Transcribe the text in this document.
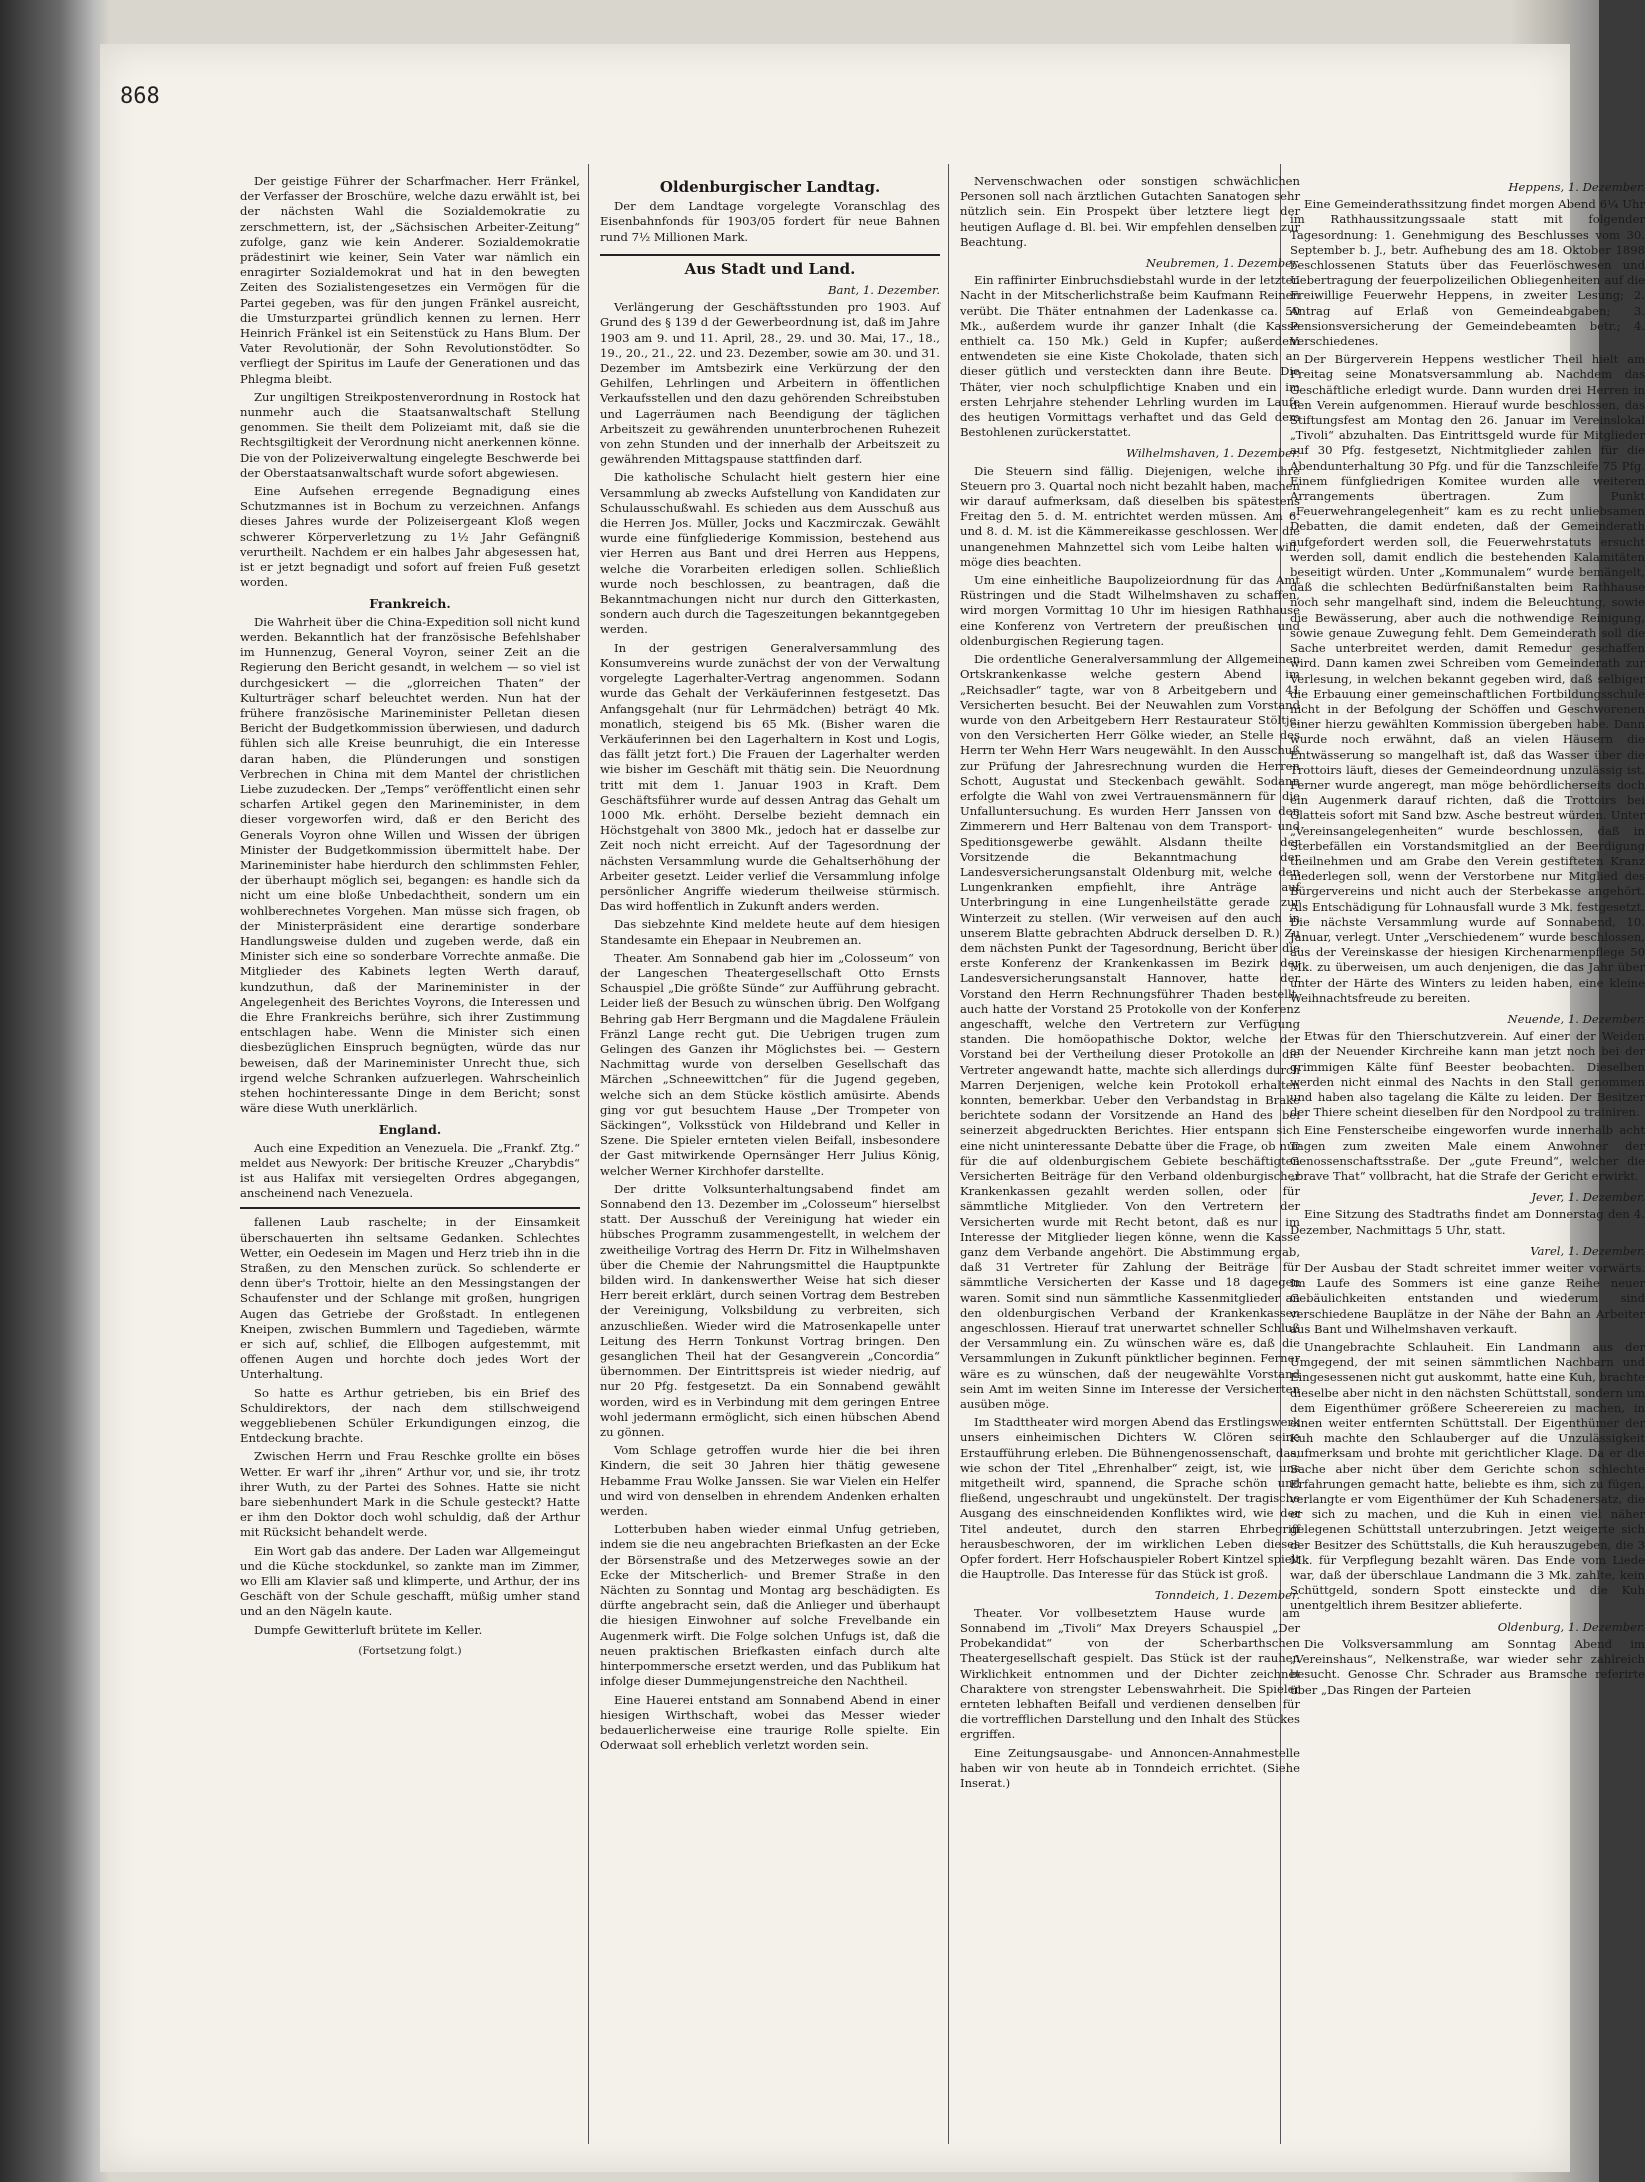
868

Der geistige Führer der Scharfmacher. Herr Fränkel, der Verfasser der Broschüre, welche dazu erwählt ist, bei der nächsten Wahl die Sozialdemokratie zu zerschmettern, ist, der „Sächsischen Arbeiter-Zeitung“ zufolge, ganz wie kein Anderer. Sozialdemokratie prädestinirt wie keiner, Sein Vater war nämlich ein enragirter Sozialdemokrat und hat in den bewegten Zeiten des Sozialistengesetzes ein Vermögen für die Partei gegeben, was für den jungen Fränkel ausreicht, die Umsturzpartei gründlich kennen zu lernen. Herr Heinrich Fränkel ist ein Seitenstück zu Hans Blum. Der Vater Revolutionär, der Sohn Revolutionstödter. So verfliegt der Spiritus im Laufe der Generationen und das Phlegma bleibt.

Zur ungiltigen Streikpostenverordnung in Rostock hat nunmehr auch die Staatsanwaltschaft Stellung genommen. Sie theilt dem Polizeiamt mit, daß sie die Rechtsgiltigkeit der Verordnung nicht anerkennen könne. Die von der Polizeiverwaltung eingelegte Beschwerde bei der Oberstaatsanwaltschaft wurde sofort abgewiesen.

Eine Aufsehen erregende Begnadigung eines Schutzmannes ist in Bochum zu verzeichnen. Anfangs dieses Jahres wurde der Polizeisergeant Kloß wegen schwerer Körperverletzung zu 1½ Jahr Gefängniß verurtheilt. Nachdem er ein halbes Jahr abgesessen hat, ist er jetzt begnadigt und sofort auf freien Fuß gesetzt worden.

Frankreich.

Die Wahrheit über die China-Expedition soll nicht kund werden. Bekanntlich hat der französische Befehlshaber im Hunnenzug, General Voyron, seiner Zeit an die Regierung den Bericht gesandt, in welchem — so viel ist durchgesickert — die „glorreichen Thaten“ der Kulturträger scharf beleuchtet werden. Nun hat der frühere französische Marineminister Pelletan diesen Bericht der Budgetkommission überwiesen, und dadurch fühlen sich alle Kreise beunruhigt, die ein Interesse daran haben, die Plünderungen und sonstigen Verbrechen in China mit dem Mantel der christlichen Liebe zuzudecken. Der „Temps“ veröffentlicht einen sehr scharfen Artikel gegen den Marineminister, in dem dieser vorgeworfen wird, daß er den Bericht des Generals Voyron ohne Willen und Wissen der übrigen Minister der Budgetkommission übermittelt habe. Der Marineminister habe hierdurch den schlimmsten Fehler, der überhaupt möglich sei, begangen: es handle sich da nicht um eine bloße Unbedachtheit, sondern um ein wohlberechnetes Vorgehen. Man müsse sich fragen, ob der Ministerpräsident eine derartige sonderbare Handlungsweise dulden und zugeben werde, daß ein Minister sich eine so sonderbare Vorrechte anmaße. Die Mitglieder des Kabinets legten Werth darauf, kundzuthun, daß der Marineminister in der Angelegenheit des Berichtes Voyrons, die Interessen und die Ehre Frankreichs berühre, sich ihrer Zustimmung entschlagen habe. Wenn die Minister sich einen diesbezüglichen Einspruch begnügten, würde das nur beweisen, daß der Marineminister Unrecht thue, sich irgend welche Schranken aufzuerlegen. Wahrscheinlich stehen hochinteressante Dinge in dem Bericht; sonst wäre diese Wuth unerklärlich.

England.

Auch eine Expedition an Venezuela. Die „Frankf. Ztg.“ meldet aus Newyork: Der britische Kreuzer „Charybdis“ ist aus Halifax mit versiegelten Ordres abgegangen, anscheinend nach Venezuela.

fallenen Laub raschelte; in der Einsamkeit überschauerten ihn seltsame Gedanken. Schlechtes Wetter, ein Oedesein im Magen und Herz trieb ihn in die Straßen, zu den Menschen zurück. So schlenderte er denn über's Trottoir, hielte an den Messingstangen der Schaufenster und der Schlange mit großen, hungrigen Augen das Getriebe der Großstadt. In entlegenen Kneipen, zwischen Bummlern und Tagedieben, wärmte er sich auf, schlief, die Ellbogen aufgestemmt, mit offenen Augen und horchte doch jedes Wort der Unterhaltung.

So hatte es Arthur getrieben, bis ein Brief des Schuldirektors, der nach dem stillschweigend weggebliebenen Schüler Erkundigungen einzog, die Entdeckung brachte.

Zwischen Herrn und Frau Reschke grollte ein böses Wetter. Er warf ihr „ihren“ Arthur vor, und sie, ihr trotz ihrer Wuth, zu der Partei des Sohnes. Hatte sie nicht bare siebenhundert Mark in die Schule gesteckt? Hatte er ihm den Doktor doch wohl schuldig, daß der Arthur mit Rücksicht behandelt werde.

Ein Wort gab das andere. Der Laden war Allgemeingut und die Küche stockdunkel, so zankte man im Zimmer, wo Elli am Klavier saß und klimperte, und Arthur, der ins Geschäft von der Schule geschafft, müßig umher stand und an den Nägeln kaute.

Dumpfe Gewitterluft brütete im Keller.

(Fortsetzung folgt.)
Oldenburgischer Landtag.

Der dem Landtage vorgelegte Voranschlag des Eisenbahnfonds für 1903/05 fordert für neue Bahnen rund 7½ Millionen Mark.

Aus Stadt und Land.
Bant, 1. Dezember.

Verlängerung der Geschäftsstunden pro 1903. Auf Grund des § 139 d der Gewerbeordnung ist, daß im Jahre 1903 am 9. und 11. April, 28., 29. und 30. Mai, 17., 18., 19., 20., 21., 22. und 23. Dezember, sowie am 30. und 31. Dezember im Amtsbezirk eine Verkürzung der den Gehilfen, Lehrlingen und Arbeitern in öffentlichen Verkaufsstellen und den dazu gehörenden Schreibstuben und Lagerräumen nach Beendigung der täglichen Arbeitszeit zu gewährenden ununterbrochenen Ruhezeit von zehn Stunden und der innerhalb der Arbeitszeit zu gewährenden Mittagspause stattfinden darf.

Die katholische Schulacht hielt gestern hier eine Versammlung ab zwecks Aufstellung von Kandidaten zur Schulausschußwahl. Es schieden aus dem Ausschuß aus die Herren Jos. Müller, Jocks und Kaczmirczak. Gewählt wurde eine fünfgliederige Kommission, bestehend aus vier Herren aus Bant und drei Herren aus Heppens, welche die Vorarbeiten erledigen sollen. Schließlich wurde noch beschlossen, zu beantragen, daß die Bekanntmachungen nicht nur durch den Gitterkasten, sondern auch durch die Tageszeitungen bekanntgegeben werden.

In der gestrigen Generalversammlung des Konsumvereins wurde zunächst der von der Verwaltung vorgelegte Lagerhalter-Vertrag angenommen. Sodann wurde das Gehalt der Verkäuferinnen festgesetzt. Das Anfangsgehalt (nur für Lehrmädchen) beträgt 40 Mk. monatlich, steigend bis 65 Mk. (Bisher waren die Verkäuferinnen bei den Lagerhaltern in Kost und Logis, das fällt jetzt fort.) Die Frauen der Lagerhalter werden wie bisher im Geschäft mit thätig sein. Die Neuordnung tritt mit dem 1. Januar 1903 in Kraft. Dem Geschäftsführer wurde auf dessen Antrag das Gehalt um 1000 Mk. erhöht. Derselbe bezieht demnach ein Höchstgehalt von 3800 Mk., jedoch hat er dasselbe zur Zeit noch nicht erreicht. Auf der Tagesordnung der nächsten Versammlung wurde die Gehaltserhöhung der Arbeiter gesetzt. Leider verlief die Versammlung infolge persönlicher Angriffe wiederum theilweise stürmisch. Das wird hoffentlich in Zukunft anders werden.

Das siebzehnte Kind meldete heute auf dem hiesigen Standesamte ein Ehepaar in Neubremen an.

Theater. Am Sonnabend gab hier im „Colosseum“ von der Langeschen Theatergesellschaft Otto Ernsts Schauspiel „Die größte Sünde“ zur Aufführung gebracht. Leider ließ der Besuch zu wünschen übrig. Den Wolfgang Behring gab Herr Bergmann und die Magdalene Fräulein Fränzl Lange recht gut. Die Uebrigen trugen zum Gelingen des Ganzen ihr Möglichstes bei. — Gestern Nachmittag wurde von derselben Gesellschaft das Märchen „Schneewittchen“ für die Jugend gegeben, welche sich an dem Stücke köstlich amüsirte. Abends ging vor gut besuchtem Hause „Der Trompeter von Säckingen“, Volksstück von Hildebrand und Keller in Szene. Die Spieler ernteten vielen Beifall, insbesondere der Gast mitwirkende Opernsänger Herr Julius König, welcher Werner Kirchhofer darstellte.

Der dritte Volksunterhaltungsabend findet am Sonnabend den 13. Dezember im „Colosseum“ hierselbst statt. Der Ausschuß der Vereinigung hat wieder ein hübsches Programm zusammengestellt, in welchem der zweitheilige Vortrag des Herrn Dr. Fitz in Wilhelmshaven über die Chemie der Nahrungsmittel die Hauptpunkte bilden wird. In dankenswerther Weise hat sich dieser Herr bereit erklärt, durch seinen Vortrag dem Bestreben der Vereinigung, Volksbildung zu verbreiten, sich anzuschließen. Wieder wird die Matrosenkapelle unter Leitung des Herrn Tonkunst Vortrag bringen. Den gesanglichen Theil hat der Gesangverein „Concordia“ übernommen. Der Eintrittspreis ist wieder niedrig, auf nur 20 Pfg. festgesetzt. Da ein Sonnabend gewählt worden, wird es in Verbindung mit dem geringen Entree wohl jedermann ermöglicht, sich einen hübschen Abend zu gönnen.

Vom Schlage getroffen wurde hier die bei ihren Kindern, die seit 30 Jahren hier thätig gewesene Hebamme Frau Wolke Janssen. Sie war Vielen ein Helfer und wird von denselben in ehrendem Andenken erhalten werden.

Lotterbuben haben wieder einmal Unfug getrieben, indem sie die neu angebrachten Briefkasten an der Ecke der Börsenstraße und des Metzerweges sowie an der Ecke der Mitscherlich- und Bremer Straße in den Nächten zu Sonntag und Montag arg beschädigten. Es dürfte angebracht sein, daß die Anlieger und überhaupt die hiesigen Einwohner auf solche Frevelbande ein Augenmerk wirft. Die Folge solchen Unfugs ist, daß die neuen praktischen Briefkasten einfach durch alte hinterpommersche ersetzt werden, und das Publikum hat infolge dieser Dummejungenstreiche den Nachtheil.

Eine Hauerei entstand am Sonnabend Abend in einer hiesigen Wirthschaft, wobei das Messer wieder bedauerlicherweise eine traurige Rolle spielte. Ein Oderwaat soll erheblich verletzt worden sein.

Nervenschwachen oder sonstigen schwächlichen Personen soll nach ärztlichen Gutachten Sanatogen sehr nützlich sein. Ein Prospekt über letztere liegt der heutigen Auflage d. Bl. bei. Wir empfehlen denselben zur Beachtung.

Neubremen, 1. Dezember.

Ein raffinirter Einbruchsdiebstahl wurde in der letzten Nacht in der Mitscherlichstraße beim Kaufmann Reinen verübt. Die Thäter entnahmen der Ladenkasse ca. 50 Mk., außerdem wurde ihr ganzer Inhalt (die Kasse enthielt ca. 150 Mk.) Geld in Kupfer; außerdem entwendeten sie eine Kiste Chokolade, thaten sich an dieser gütlich und versteckten dann ihre Beute. Die Thäter, vier noch schulpflichtige Knaben und ein im ersten Lehrjahre stehender Lehrling wurden im Laufe des heutigen Vormittags verhaftet und das Geld dem Bestohlenen zurückerstattet.

Wilhelmshaven, 1. Dezember.

Die Steuern sind fällig. Diejenigen, welche ihre Steuern pro 3. Quartal noch nicht bezahlt haben, machen wir darauf aufmerksam, daß dieselben bis spätestens Freitag den 5. d. M. entrichtet werden müssen. Am 6. und 8. d. M. ist die Kämmereikasse geschlossen. Wer die unangenehmen Mahnzettel sich vom Leibe halten will, möge dies beachten.

Um eine einheitliche Baupolizeiordnung für das Amt Rüstringen und die Stadt Wilhelmshaven zu schaffen, wird morgen Vormittag 10 Uhr im hiesigen Rathhause eine Konferenz von Vertretern der preußischen und oldenburgischen Regierung tagen.

Die ordentliche Generalversammlung der Allgemeinen Ortskrankenkasse welche gestern Abend im „Reichsadler“ tagte, war von 8 Arbeitgebern und 41 Versicherten besucht. Bei der Neuwahlen zum Vorstand wurde von den Arbeitgebern Herr Restaurateur Stöltje, von den Versicherten Herr Gölke wieder, an Stelle des Herrn ter Wehn Herr Wars neugewählt. In den Ausschuß zur Prüfung der Jahresrechnung wurden die Herren Schott, Augustat und Steckenbach gewählt. Sodann erfolgte die Wahl von zwei Vertrauensmännern für die Unfalluntersuchung. Es wurden Herr Janssen von den Zimmerern und Herr Baltenau von dem Transport- und Speditionsgewerbe gewählt. Alsdann theilte der Vorsitzende die Bekanntmachung der Landesversicherungsanstalt Oldenburg mit, welche den Lungenkranken empfiehlt, ihre Anträge auf Unterbringung in eine Lungenheilstätte gerade zur Winterzeit zu stellen. (Wir verweisen auf den auch in unserem Blatte gebrachten Abdruck derselben D. R.) Zu dem nächsten Punkt der Tagesordnung, Bericht über die erste Konferenz der Krankenkassen im Bezirk der Landesversicherungsanstalt Hannover, hatte der Vorstand den Herrn Rechnungsführer Thaden bestellt, auch hatte der Vorstand 25 Protokolle von der Konferenz angeschafft, welche den Vertretern zur Verfügung standen. Die homöopathische Doktor, welche der Vorstand bei der Vertheilung dieser Protokolle an die Vertreter angewandt hatte, machte sich allerdings durch Marren Derjenigen, welche kein Protokoll erhalten konnten, bemerkbar. Ueber den Verbandstag in Brake berichtete sodann der Vorsitzende an Hand des bei seinerzeit abgedruckten Berichtes. Hier entspann sich eine nicht uninteressante Debatte über die Frage, ob nur für die auf oldenburgischem Gebiete beschäftigten Versicherten Beiträge für den Verband oldenburgischer Krankenkassen gezahlt werden sollen, oder für sämmtliche Mitglieder. Von den Vertretern der Versicherten wurde mit Recht betont, daß es nur im Interesse der Mitglieder liegen könne, wenn die Kasse ganz dem Verbande angehört. Die Abstimmung ergab, daß 31 Vertreter für Zahlung der Beiträge für sämmtliche Versicherten der Kasse und 18 dagegen waren. Somit sind nun sämmtliche Kassenmitglieder an den oldenburgischen Verband der Krankenkassen angeschlossen. Hierauf trat unerwartet schneller Schluß der Versammlung ein. Zu wünschen wäre es, daß die Versammlungen in Zukunft pünktlicher beginnen. Ferner wäre es zu wünschen, daß der neugewählte Vorstand sein Amt im weiten Sinne im Interesse der Versicherten ausüben möge.

Im Stadttheater wird morgen Abend das Erstlingswerk unsers einheimischen Dichters W. Clören seine Erstaufführung erleben. Die Bühnengenossenschaft, das, wie schon der Titel „Ehrenhalber“ zeigt, ist, wie uns mitgetheilt wird, spannend, die Sprache schön und fließend, ungeschraubt und ungekünstelt. Der tragische Ausgang des einschneidenden Konfliktes wird, wie der Titel andeutet, durch den starren Ehrbegriff herausbeschworen, der im wirklichen Leben dieses Opfer fordert. Herr Hofschauspieler Robert Kintzel spielt die Hauptrolle. Das Interesse für das Stück ist groß.

Tonndeich, 1. Dezember.

Theater. Vor vollbesetztem Hause wurde am Sonnabend im „Tivoli“ Max Dreyers Schauspiel „Der Probekandidat“ von der Scherbarthschen Theatergesellschaft gespielt. Das Stück ist der rauhen Wirklichkeit entnommen und der Dichter zeichnet Charaktere von strengster Lebenswahrheit. Die Spieler ernteten lebhaften Beifall und verdienen denselben für die vortrefflichen Darstellung und den Inhalt des Stückes ergriffen.

Eine Zeitungsausgabe- und Annoncen-Annahmestelle haben wir von heute ab in Tonndeich errichtet. (Siehe Inserat.)

Heppens, 1. Dezember.

Eine Gemeinderathssitzung findet morgen Abend 6¼ Uhr im Rathhaussitzungssaale statt mit folgender Tagesordnung: 1. Genehmigung des Beschlusses vom 30. September b. J., betr. Aufhebung des am 18. Oktober 1898 beschlossenen Statuts über das Feuerlöschwesen und Uebertragung der feuerpolizeilichen Obliegenheiten auf die Freiwillige Feuerwehr Heppens, in zweiter Lesung; 2. Antrag auf Erlaß von Gemeindeabgaben; 3. Pensionsversicherung der Gemeindebeamten betr.; 4. Verschiedenes.

Der Bürgerverein Heppens westlicher Theil hielt am Freitag seine Monatsversammlung ab. Nachdem das Geschäftliche erledigt wurde. Dann wurden drei Herren in den Verein aufgenommen. Hierauf wurde beschlossen, das Stiftungsfest am Montag den 26. Januar im Vereinslokal „Tivoli“ abzuhalten. Das Eintrittsgeld wurde für Mitglieder auf 30 Pfg. festgesetzt, Nichtmitglieder zahlen für die Abendunterhaltung 30 Pfg. und für die Tanzschleife 75 Pfg. Einem fünfgliedrigen Komitee wurden alle weiteren Arrangements übertragen. Zum Punkt „Feuerwehrangelegenheit“ kam es zu recht unliebsamen Debatten, die damit endeten, daß der Gemeinderath aufgefordert werden soll, die Feuerwehrstatuts ersucht werden soll, damit endlich die bestehenden Kalamitäten beseitigt würden. Unter „Kommunalem“ wurde bemängelt, daß die schlechten Bedürfnißanstalten beim Rathhause noch sehr mangelhaft sind, indem die Beleuchtung, sowie die Bewässerung, aber auch die nothwendige Reinigung, sowie genaue Zuwegung fehlt. Dem Gemeinderath soll die Sache unterbreitet werden, damit Remedur geschaffen wird. Dann kamen zwei Schreiben vom Gemeinderath zur Verlesung, in welchen bekannt gegeben wird, daß selbiger die Erbauung einer gemeinschaftlichen Fortbildungsschule nicht in der Befolgung der Schöffen und Geschworenen einer hierzu gewählten Kommission übergeben habe. Dann wurde noch erwähnt, daß an vielen Häusern die Entwässerung so mangelhaft ist, daß das Wasser über die Trottoirs läuft, dieses der Gemeindeordnung unzulässig ist. Ferner wurde angeregt, man möge behördlicherseits doch ein Augenmerk darauf richten, daß die Trottoirs bei Glatteis sofort mit Sand bzw. Asche bestreut würden. Unter „Vereinsangelegenheiten“ wurde beschlossen, daß in Sterbefällen ein Vorstandsmitglied an der Beerdigung theilnehmen und am Grabe den Verein gestifteten Kranz niederlegen soll, wenn der Verstorbene nur Mitglied des Bürgervereins und nicht auch der Sterbekasse angehört. Als Entschädigung für Lohnausfall wurde 3 Mk. festgesetzt. Die nächste Versammlung wurde auf Sonnabend, 10. Januar, verlegt. Unter „Verschiedenem“ wurde beschlossen, aus der Vereinskasse der hiesigen Kirchenarmenpflege 50 Mk. zu überweisen, um auch denjenigen, die das Jahr über unter der Härte des Winters zu leiden haben, eine kleine Weihnachtsfreude zu bereiten.

Neuende, 1. Dezember.

Etwas für den Thierschutzverein. Auf einer der Weiden an der Neuender Kirchreihe kann man jetzt noch bei der grimmigen Kälte fünf Beester beobachten. Dieselben werden nicht einmal des Nachts in den Stall genommen und haben also tagelang die Kälte zu leiden. Der Besitzer der Thiere scheint dieselben für den Nordpool zu trainiren.

Eine Fensterscheibe eingeworfen wurde innerhalb acht Tagen zum zweiten Male einem Anwohner der Genossenschaftsstraße. Der „gute Freund“, welcher die „brave That“ vollbracht, hat die Strafe der Gericht erwirkt.

Jever, 1. Dezember.

Eine Sitzung des Stadtraths findet am Donnerstag den 4. Dezember, Nachmittags 5 Uhr, statt.

Varel, 1. Dezember.

Der Ausbau der Stadt schreitet immer weiter vorwärts. Im Laufe des Sommers ist eine ganze Reihe neuer Gebäulichkeiten entstanden und wiederum sind verschiedene Bauplätze in der Nähe der Bahn an Arbeiter aus Bant und Wilhelmshaven verkauft.

Unangebrachte Schlauheit. Ein Landmann aus der Umgegend, der mit seinen sämmtlichen Nachbarn und Eingesessenen nicht gut auskommt, hatte eine Kuh, brachte dieselbe aber nicht in den nächsten Schüttstall, sondern um dem Eigenthümer größere Scheerereien zu machen, in einen weiter entfernten Schüttstall. Der Eigenthümer der Kuh machte den Schlauberger auf die Unzulässigkeit aufmerksam und brohte mit gerichtlicher Klage. Da er die Sache aber nicht über dem Gerichte schon schlechte Erfahrungen gemacht hatte, beliebte es ihm, sich zu fügen, verlangte er vom Eigenthümer der Kuh Schadenersatz, die er sich zu machen, und die Kuh in einen viel näher gelegenen Schüttstall unterzubringen. Jetzt weigerte sich der Besitzer des Schüttstalls, die Kuh herauszugeben, die 3 Mk. für Verpflegung bezahlt wären. Das Ende vom Liede war, daß der überschlaue Landmann die 3 Mk. zahlte, kein Schüttgeld, sondern Spott einsteckte und die Kuh unentgeltlich ihrem Besitzer ablieferte.

Oldenburg, 1. Dezember.

Die Volksversammlung am Sonntag Abend im „Vereinshaus“, Nelkenstraße, war wieder sehr zahlreich besucht. Genosse Chr. Schrader aus Bramsche referirte über „Das Ringen der Parteien
